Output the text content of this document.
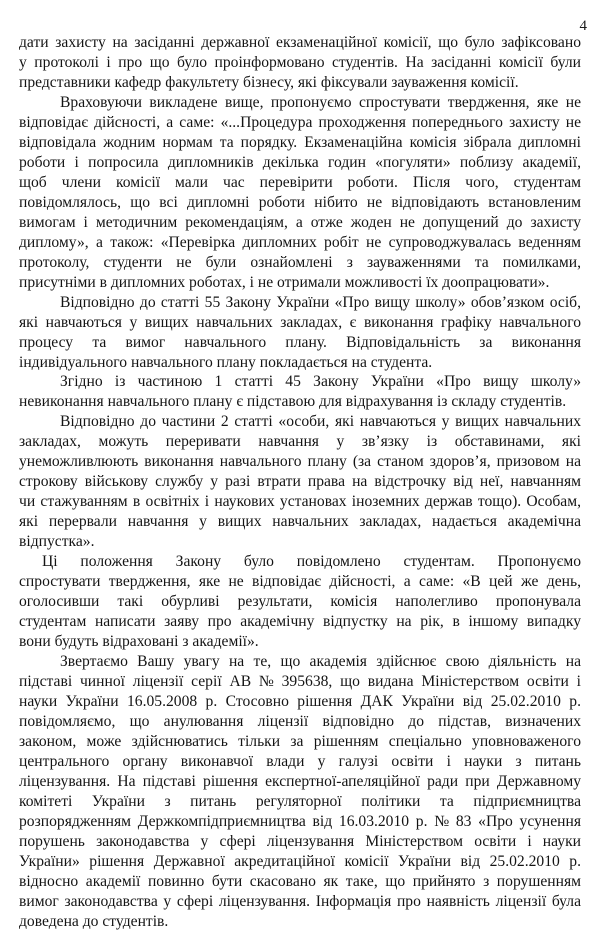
4
дати захисту на засіданні державної екзаменаційної комісії, що було зафіксовано
у протоколі і про що було проінформовано студентів. На засіданні комісії були
представники кафедр факультету бізнесу, які фіксували зауваження комісії.
Враховуючи викладене вище, пропонуємо спростувати твердження, яке не
відповідає дійсності, а саме: «...Процедура проходження попереднього захисту не
відповідала жодним нормам та порядку. Екзаменаційна комісія зібрала дипломні
роботи і попросила дипломників декілька годин «погуляти» поблизу академії,
щоб члени комісії мали час перевірити роботи. Після чого, студентам
повідомлялось, що всі дипломні роботи нібито не відповідають встановленим
вимогам і методичним рекомендаціям, а отже жоден не допущений до захисту
диплому», а також: «Перевірка дипломних робіт не супроводжувалась веденням
протоколу, студенти не були ознайомлені з зауваженнями та помилками,
присутніми в дипломних роботах, і не отримали можливості їх доопрацювати».
Відповідно до статті 55 Закону України «Про вищу школу» обов’язком осіб,
які навчаються у вищих навчальних закладах, є виконання графіку навчального
процесу та вимог навчального плану. Відповідальність за виконання
індивідуального навчального плану покладається на студента.
Згідно із частиною 1 статті 45 Закону України «Про вищу школу»
невиконання навчального плану є підставою для відрахування із складу студентів.
Відповідно до частини 2 статті «особи, які навчаються у вищих навчальних
закладах, можуть переривати навчання у зв’язку із обставинами, які
унеможливлюють виконання навчального плану (за станом здоров’я, призовом на
строкову військову службу у разі втрати права на відстрочку від неї, навчанням
чи стажуванням в освітніх і наукових установах іноземних держав тощо). Особам,
які перервали навчання у вищих навчальних закладах, надається академічна
відпустка».
Ці положення Закону було повідомлено студентам. Пропонуємо
спростувати твердження, яке не відповідає дійсності, а саме: «В цей же день,
оголосивши такі обурливі результати, комісія наполегливо пропонувала
студентам написати заяву про академічну відпустку на рік, в іншому випадку
вони будуть відраховані з академії».
Звертаємо Вашу увагу на те, що академія здійснює свою діяльність на
підставі чинної ліцензії серії АВ № 395638, що видана Міністерством освіти і
науки України 16.05.2008 р. Стосовно рішення ДАК України від 25.02.2010 р.
повідомляємо, що анулювання ліцензії відповідно до підстав, визначених
законом, може здійснюватись тільки за рішенням спеціально уповноваженого
центрального органу виконавчої влади у галузі освіти і науки з питань
ліцензування. На підставі рішення експертної-апеляційної ради при Державному
комітеті України з питань регуляторної політики та підприємництва
розпорядженням Держкомпідприємництва від 16.03.2010 р. № 83 «Про усунення
порушень законодавства у сфері ліцензування Міністерством освіти і науки
України» рішення Державної акредитаційної комісії України від 25.02.2010 р.
відносно академії повинно бути скасовано як таке, що прийнято з порушенням
вимог законодавства у сфері ліцензування. Інформація про наявність ліцензії була
доведена до студентів.
